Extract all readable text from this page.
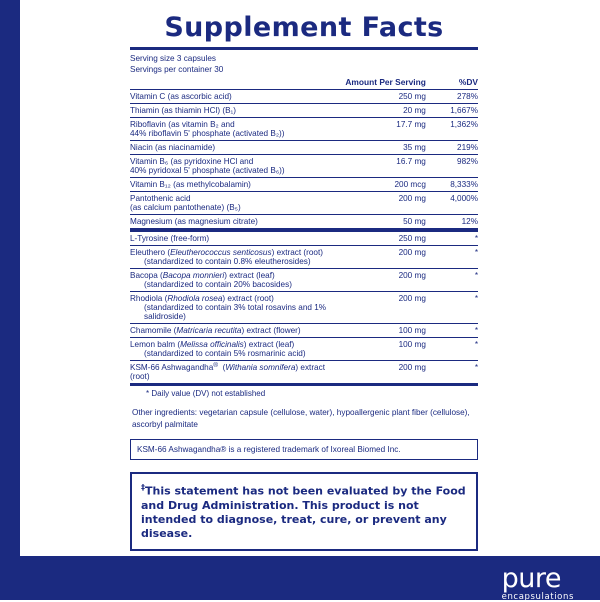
pure
encapsulations
Supplement Facts
Serving size 3 capsules
Servings per container 30
	Amount Per Serving	%DV

Vitamin C (as ascorbic acid)	250 mg	278%

Thiamin (as thiamin HCl) (B₁)	20 mg	1,667%

Riboflavin (as vitamin B₂ and
44% riboflavin 5' phosphate (activated B₂))	17.7 mg	1,362%

Niacin (as niacinamide)	35 mg	219%

Vitamin B₆ (as pyridoxine HCl and
40% pyridoxal 5' phosphate (activated B₆))	16.7 mg	982%

Vitamin B₁₂ (as methylcobalamin)	200 mcg	8,333%

Pantothenic acid
(as calcium pantothenate) (B₅)	200 mg	4,000%

Magnesium (as magnesium citrate)	50 mg	12%

L-Tyrosine (free-form)	250 mg	*

Eleuthero (Eleutherococcus senticosus) extract (root)
(standardized to contain 0.8% eleutherosides)	200 mg	*

Bacopa (Bacopa monnieri) extract (leaf)
(standardized to contain 20% bacosides)	200 mg	*

Rhodiola (Rhodiola rosea) extract (root)
(standardized to contain 3% total rosavins and 1% salidroside)	200 mg	*

Chamomile (Matricaria recutita) extract (flower)	100 mg	*

Lemon balm (Melissa officinalis) extract (leaf)
(standardized to contain 5% rosmarinic acid)	100 mg	*

KSM-66 Ashwagandha®  (Withania somnifera) extract (root)	200 mg	*

* Daily value (DV) not established
Other ingredients: vegetarian capsule (cellulose, water), hypoallergenic plant fiber (cellulose), ascorbyl palmitate
KSM-66 Ashwagandha® is a registered trademark of Ixoreal Biomed Inc.
‡This statement has not been evaluated by the Food and Drug Administration. This product is not intended to diagnose, treat, cure, or prevent any disease.
